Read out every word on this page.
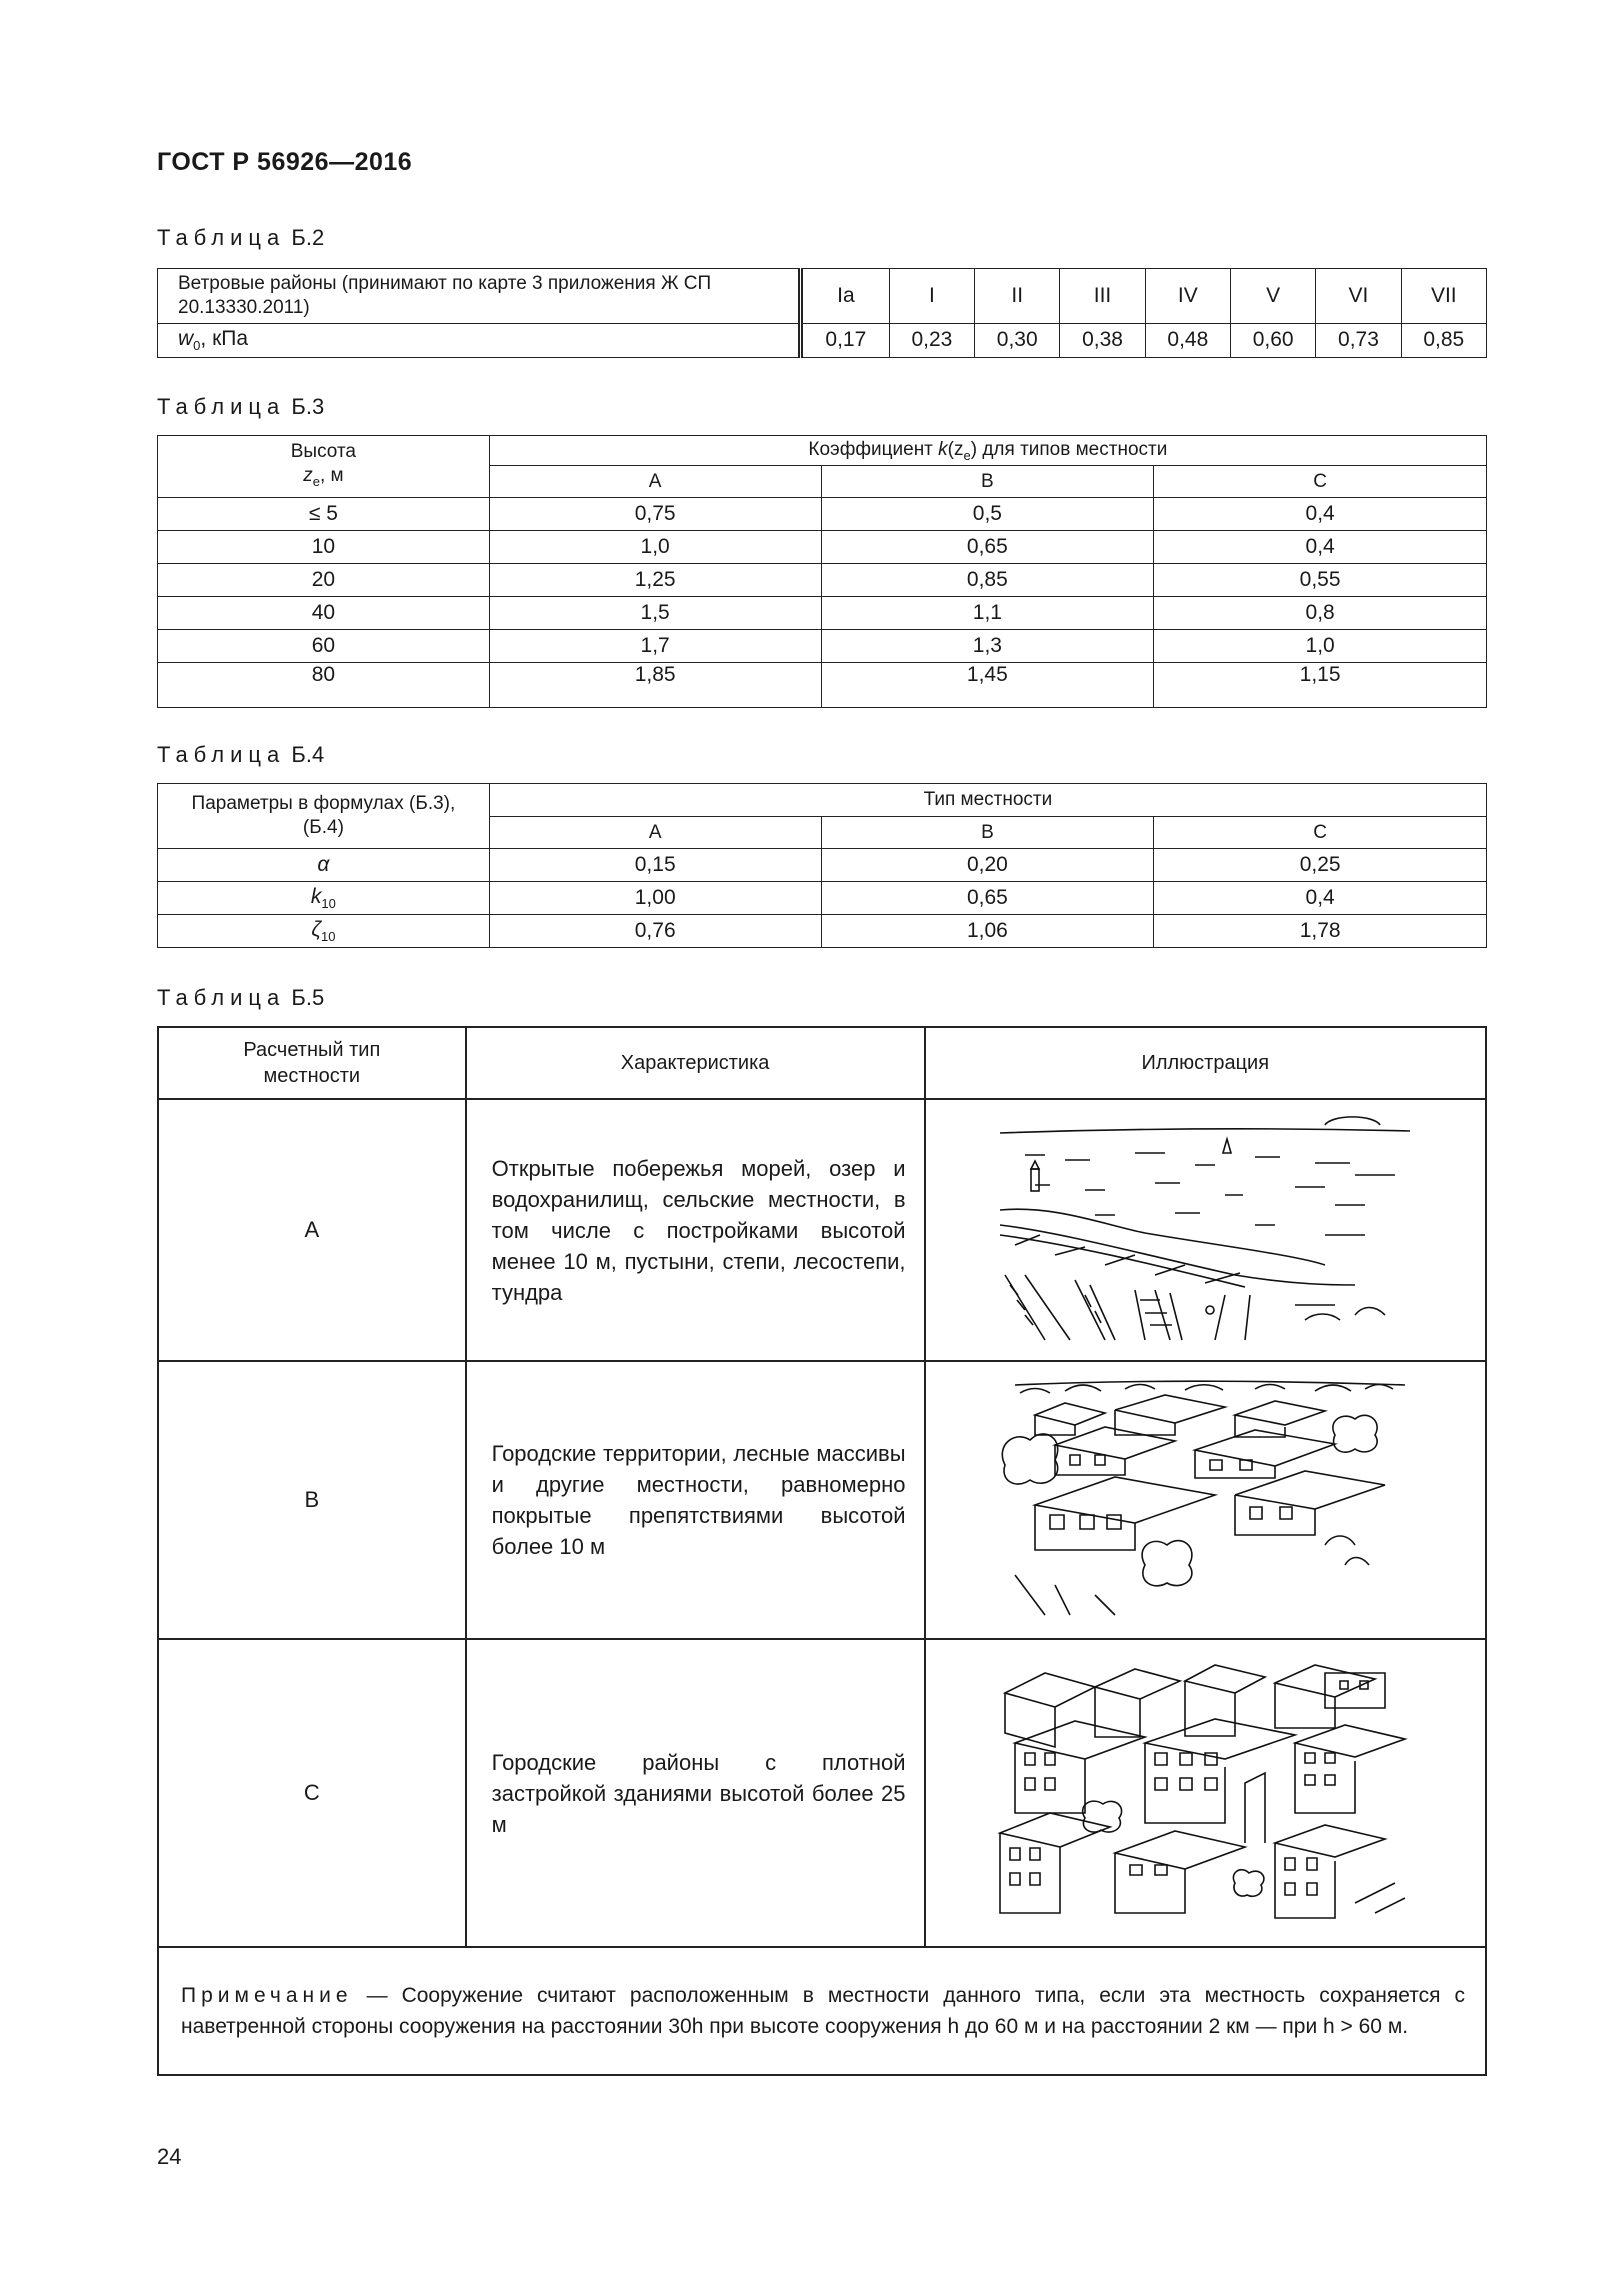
ГОСТ Р 56926—2016
Таблица Б.2
Ветровые районы (принимают по карте 3 приложения Ж СП 20.13330.2011)	Ia	I	II	III	IV	V	VI	VII
$w_0$, кПа	0,17	0,23	0,30	0,38	0,48	0,60	0,73	0,85
Таблица Б.3
Высота
$z_e$, м	Коэффициент $k(z_e)$ для типов местности		
	A	B	C
≤ 5	0,75	0,5	0,4
10	1,0	0,65	0,4
20	1,25	0,85	0,55
40	1,5	1,1	0,8
60	1,7	1,3	1,0
80	1,85	1,45	1,15
Таблица Б.4
Параметры в формулах (Б.3), (Б.4)	Тип местности		
	A	B	C
α	0,15	0,20	0,25
$k_{10}$	1,00	0,65	0,4
$\zeta_{10}$	0,76	1,06	1,78
Таблица Б.5
Расчетный тип местности	Характеристика	Иллюстрация
A	Открытые побережья морей, озер и водохранилищ, сельские местности, в том числе с постройками высотой менее 10 м, пустыни, степи, лесостепи, тундра	

B	Городские территории, лесные массивы и другие местности, равномерно покрытые препятствиями высотой более 10 м	

C	Городские районы с плотной застройкой зданиями высотой более 25 м	

Примечание — Сооружение считают расположенным в местности данного типа, если эта местность сохраняется с наветренной стороны сооружения на расстоянии 30h при высоте сооружения h до 60 м и на расстоянии 2 км — при h > 60 м.		
24
